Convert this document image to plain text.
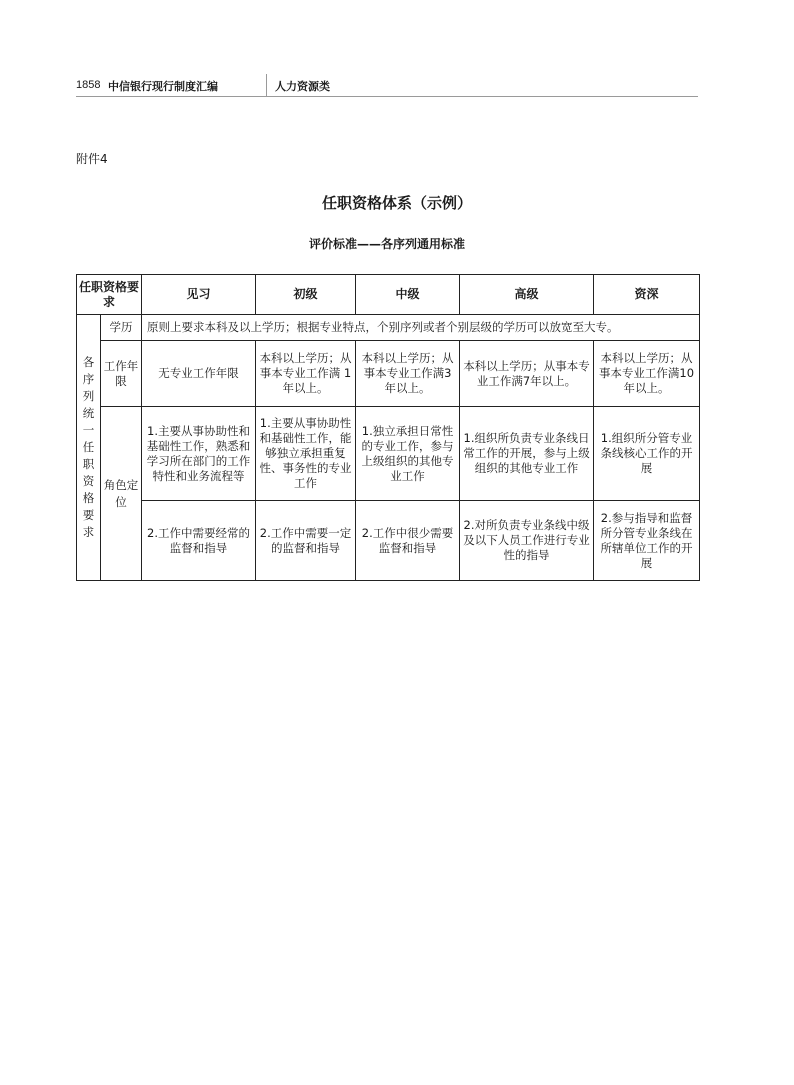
1858 中信银行现行制度汇编	人力资源类
附件4
任职资格体系（示例）
评价标准——各序列通用标准
任职资格要求		见习	初级	中级	高级	资深
各序列统一任职资格要求	学历	原则上要求本科及以上学历；根据专业特点，个别序列或者个别层级的学历可以放宽至大专。				
	工作年限	无专业工作年限	本科以上学历；从事本专业工作满 1 年以上。	本科以上学历；从事本专业工作满3年以上。	本科以上学历；从事本专业工作满7年以上。	本科以上学历；从事本专业工作满10年以上。
	角色定位	1.主要从事协助性和基础性工作，熟悉和学习所在部门的工作特性和业务流程等	1.主要从事协助性和基础性工作，能够独立承担重复性、事务性的专业工作	1.独立承担日常性的专业工作，参与上级组织的其他专业工作	1.组织所负责专业条线日常工作的开展，参与上级组织的其他专业工作	1.组织所分管专业条线核心工作的开展
		2.工作中需要经常的监督和指导	2.工作中需要一定的监督和指导	2.工作中很少需要监督和指导	2.对所负责专业条线中级及以下人员工作进行专业性的指导	2.参与指导和监督所分管专业条线在所辖单位工作的开展
